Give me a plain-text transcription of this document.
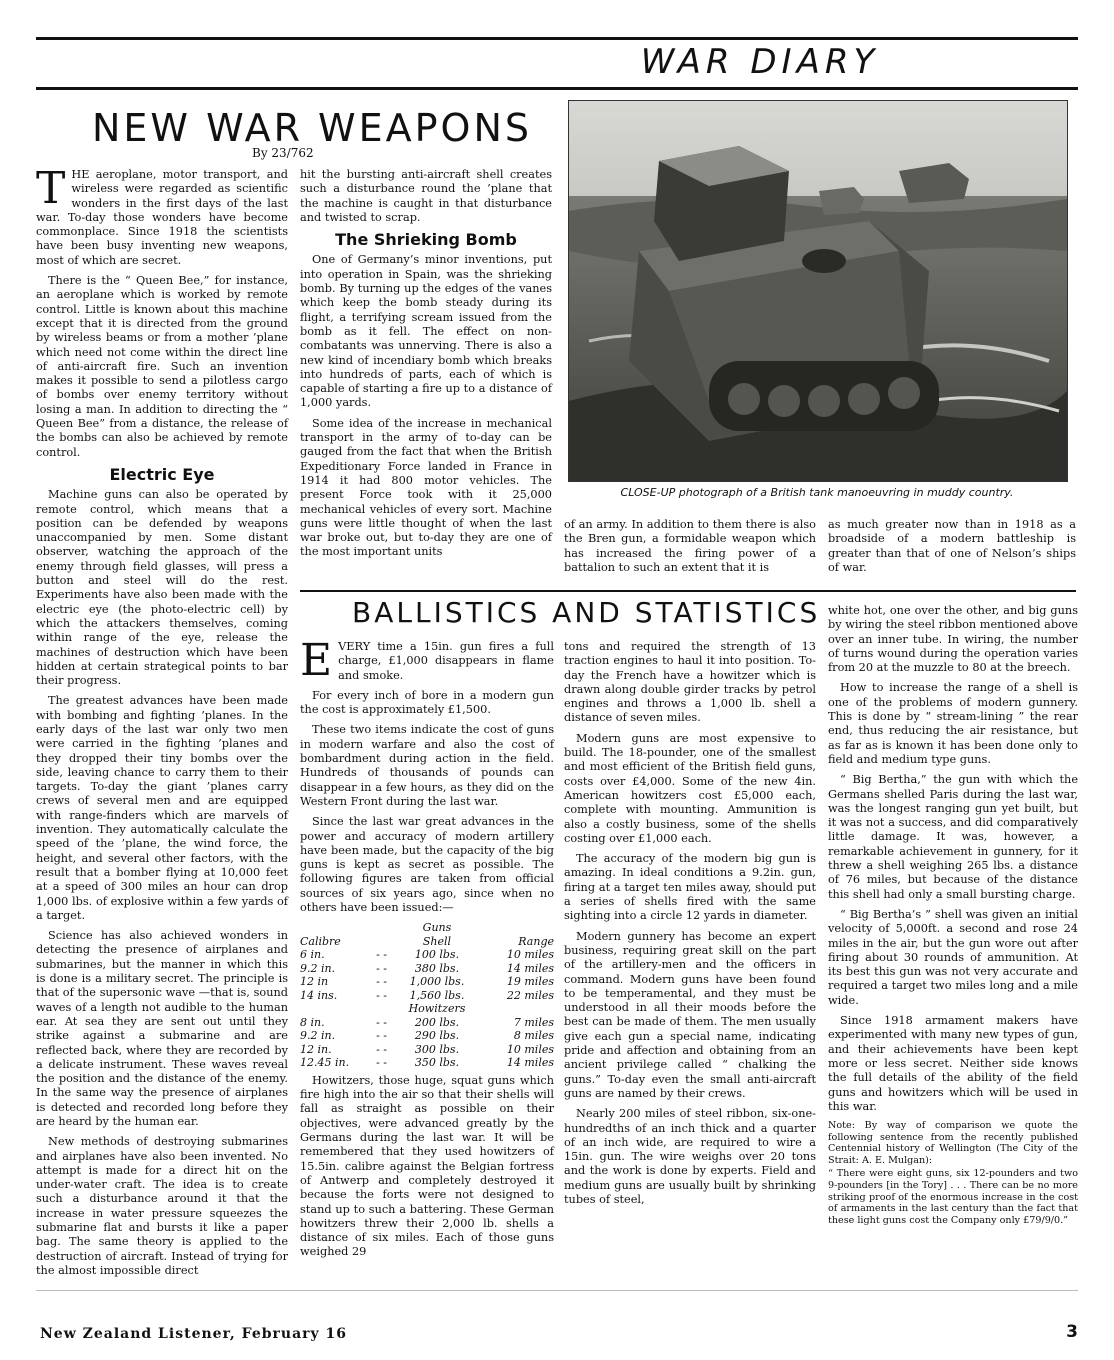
WAR DIARY
NEW WAR WEAPONS
By 23/762

THE aeroplane, motor transport, and wireless were regarded as scientific wonders in the first days of the last war. To-day those wonders have become commonplace. Since 1918 the scientists have been busy inventing new weapons, most of which are secret.

There is the “ Queen Bee,” for instance, an aeroplane which is worked by remote control. Little is known about this machine except that it is directed from the ground by wireless beams or from a mother ’plane which need not come within the direct line of anti-aircraft fire. Such an invention makes it possible to send a pilotless cargo of bombs over enemy territory without losing a man. In addition to directing the “ Queen Bee” from a distance, the release of the bombs can also be achieved by remote control.

Electric Eye

Machine guns can also be operated by remote control, which means that a position can be defended by weapons unaccompanied by men. Some distant observer, watching the approach of the enemy through field glasses, will press a button and steel will do the rest. Experiments have also been made with the electric eye (the photo-electric cell) by which the attackers themselves, coming within range of the eye, release the machines of destruction which have been hidden at certain strategical points to bar their progress.

The greatest advances have been made with bombing and fighting ’planes. In the early days of the last war only two men were carried in the fighting ’planes and they dropped their tiny bombs over the side, leaving chance to carry them to their targets. To-day the giant ’planes carry crews of several men and are equipped with range-finders which are marvels of invention. They automatically calculate the speed of the ’plane, the wind force, the height, and several other factors, with the result that a bomber flying at 10,000 feet at a speed of 300 miles an hour can drop 1,000 lbs. of explosive within a few yards of a target.

Science has also achieved wonders in detecting the presence of airplanes and submarines, but the manner in which this is done is a military secret. The principle is that of the supersonic wave —that is, sound waves of a length not audible to the human ear. At sea they are sent out until they strike against a submarine and are reflected back, where they are recorded by a delicate instrument. These waves reveal the position and the distance of the enemy. In the same way the presence of airplanes is detected and recorded long before they are heard by the human ear.

New methods of destroying submarines and airplanes have also been invented. No attempt is made for a direct hit on the under-water craft. The idea is to create such a disturbance around it that the increase in water pressure squeezes the submarine flat and bursts it like a paper bag. The same theory is applied to the destruction of aircraft. Instead of trying for the almost impossible direct

hit the bursting anti-aircraft shell creates such a disturbance round the ’plane that the machine is caught in that disturbance and twisted to scrap.

The Shrieking Bomb

One of Germany’s minor inventions, put into operation in Spain, was the shrieking bomb. By turning up the edges of the vanes which keep the bomb steady during its flight, a terrifying scream issued from the bomb as it fell. The effect on non-combatants was unnerving. There is also a new kind of incendiary bomb which breaks into hundreds of parts, each of which is capable of starting a fire up to a distance of 1,000 yards.

Some idea of the increase in mechanical transport in the army of to-day can be gauged from the fact that when the British Expeditionary Force landed in France in 1914 it had 800 motor vehicles. The present Force took with it 25,000 mechanical vehicles of every sort. Machine guns were little thought of when the last war broke out, but to-day they are one of the most important units

CLOSE-UP photograph of a British tank manoeuvring in muddy country.

of an army. In addition to them there is also the Bren gun, a formidable weapon which has increased the firing power of a battalion to such an extent that it is

as much greater now than in 1918 as a broadside of a modern battleship is greater than that of one of Nelson’s ships of war.

BALLISTICS AND STATISTICS

EVERY time a 15in. gun fires a full charge, £1,000 disappears in flame and smoke.

For every inch of bore in a modern gun the cost is approximately £1,500.

These two items indicate the cost of guns in modern warfare and also the cost of bombardment during action in the field. Hundreds of thousands of pounds can disappear in a few hours, as they did on the Western Front during the last war.

Since the last war great advances in the power and accuracy of modern artillery have been made, but the capacity of the big guns is kept as secret as possible. The following figures are taken from official sources of six years ago, since when no others have been issued:—

		Guns	
Calibre		Shell	Range
6 in.	- -	100 lbs.	10 miles
9.2 in.	- -	380 lbs.	14 miles
12 in	- -	1,000 lbs.	19 miles
14 ins.	- -	1,560 lbs.	22 miles
		Howitzers	
8 in.	- -	200 lbs.	7 miles
9.2 in.	- -	290 lbs.	8 miles
12 in.	- -	300 lbs.	10 miles
12.45 in.	- -	350 lbs.	14 miles

Howitzers, those huge, squat guns which fire high into the air so that their shells will fall as straight as possible on their objectives, were advanced greatly by the Germans during the last war. It will be remembered that they used howitzers of 15.5in. calibre against the Belgian fortress of Antwerp and completely destroyed it because the forts were not designed to stand up to such a battering. These German howitzers threw their 2,000 lb. shells a distance of six miles. Each of those guns weighed 29

tons and required the strength of 13 traction engines to haul it into position. To-day the French have a howitzer which is drawn along double girder tracks by petrol engines and throws a 1,000 lb. shell a distance of seven miles.

Modern guns are most expensive to build. The 18-pounder, one of the smallest and most efficient of the British field guns, costs over £4,000. Some of the new 4in. American howitzers cost £5,000 each, complete with mounting. Ammunition is also a costly business, some of the shells costing over £1,000 each.

The accuracy of the modern big gun is amazing. In ideal conditions a 9.2in. gun, firing at a target ten miles away, should put a series of shells fired with the same sighting into a circle 12 yards in diameter.

Modern gunnery has become an expert business, requiring great skill on the part of the artillery-men and the officers in command. Modern guns have been found to be temperamental, and they must be understood in all their moods before the best can be made of them. The men usually give each gun a special name, indicating pride and affection and obtaining from an ancient privilege called “ chalking the guns.” To-day even the small anti-aircraft guns are named by their crews.

Nearly 200 miles of steel ribbon, six-one-hundredths of an inch thick and a quarter of an inch wide, are required to wire a 15in. gun. The wire weighs over 20 tons and the work is done by experts. Field and medium guns are usually built by shrinking tubes of steel,

white hot, one over the other, and big guns by wiring the steel ribbon mentioned above over an inner tube. In wiring, the number of turns wound during the operation varies from 20 at the muzzle to 80 at the breech.

How to increase the range of a shell is one of the problems of modern gunnery. This is done by “ stream-lining ” the rear end, thus reducing the air resistance, but as far as is known it has been done only to field and medium type guns.

“ Big Bertha,” the gun with which the Germans shelled Paris during the last war, was the longest ranging gun yet built, but it was not a success, and did comparatively little damage. It was, however, a remarkable achievement in gunnery, for it threw a shell weighing 265 lbs. a distance of 76 miles, but because of the distance this shell had only a small bursting charge.

“ Big Bertha’s ” shell was given an initial velocity of 5,000ft. a second and rose 24 miles in the air, but the gun wore out after firing about 30 rounds of ammunition. At its best this gun was not very accurate and required a target two miles long and a mile wide.

Since 1918 armament makers have experimented with many new types of gun, and their achievements have been kept more or less secret. Neither side knows the full details of the ability of the field guns and howitzers which will be used in this war.

Note: By way of comparison we quote the following sentence from the recently published Centennial history of Wellington (The City of the Strait: A. E. Mulgan):
“ There were eight guns, six 12-pounders and two 9-pounders [in the Tory] . . . There can be no more striking proof of the enormous increase in the cost of armaments in the last century than the fact that these light guns cost the Company only £79/9/0.”
New Zealand Listener, February 16	3
